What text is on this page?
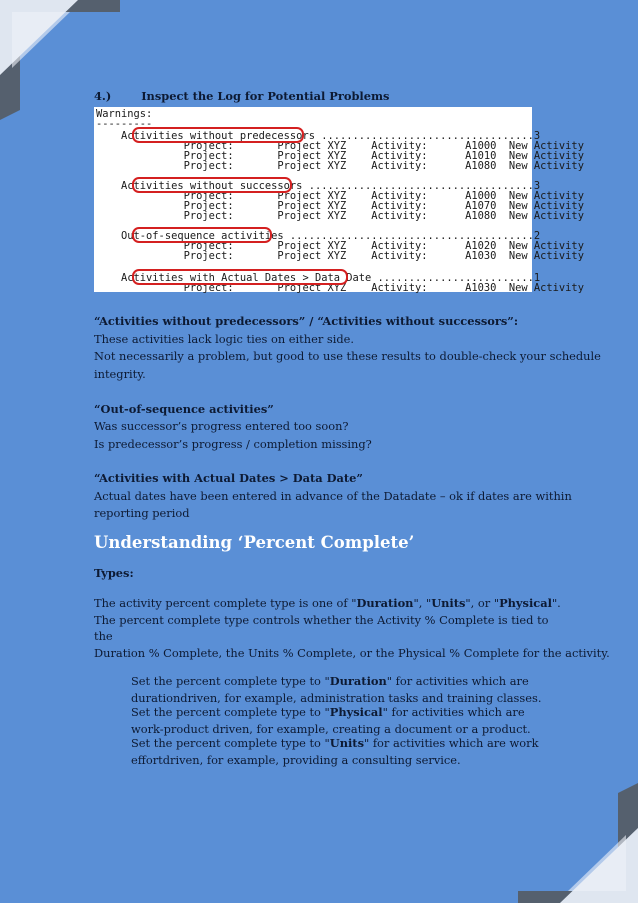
4.)	Inspect the Log for Potential Problems
Warnings:
---------
Activities without predecessors ..................................3
Project:       Project XYZ    Activity:      A1000  New Activity
Project:       Project XYZ    Activity:      A1010  New Activity
Project:       Project XYZ    Activity:      A1080  New Activity
Activities without successors ....................................3
Project:       Project XYZ    Activity:      A1000  New Activity
Project:       Project XYZ    Activity:      A1070  New Activity
Project:       Project XYZ    Activity:      A1080  New Activity
Out-of-sequence activities .......................................2
Project:       Project XYZ    Activity:      A1020  New Activity
Project:       Project XYZ    Activity:      A1030  New Activity
Activities with Actual Dates > Data Date .........................1
Project:       Project XYZ    Activity:      A1030  New Activity
“Activities without predecessors” / “Activities without successors”:
These activities lack logic ties on either side.
Not necessarily a problem, but good to use these results to double-check your schedule
integrity.
“Out-of-sequence activities”
Was successor’s progress entered too soon?
Is predecessor’s progress / completion missing?
“Activities with Actual Dates > Data Date”
Actual dates have been entered in advance of the Datadate – ok if dates are within
reporting period
Understanding ‘Percent Complete’
Types:
The activity percent complete type is one of "Duration", "Units", or "Physical".
The percent complete type controls whether the Activity % Complete is tied to
the
Duration % Complete, the Units % Complete, or the Physical % Complete for the activity.
Set the percent complete type to "Duration" for activities which are
durationdriven, for example, administration tasks and training classes.
Set the percent complete type to "Physical" for activities which are
work-product driven, for example, creating a document or a product.
Set the percent complete type to "Units" for activities which are work
effortdriven, for example, providing a consulting service.
